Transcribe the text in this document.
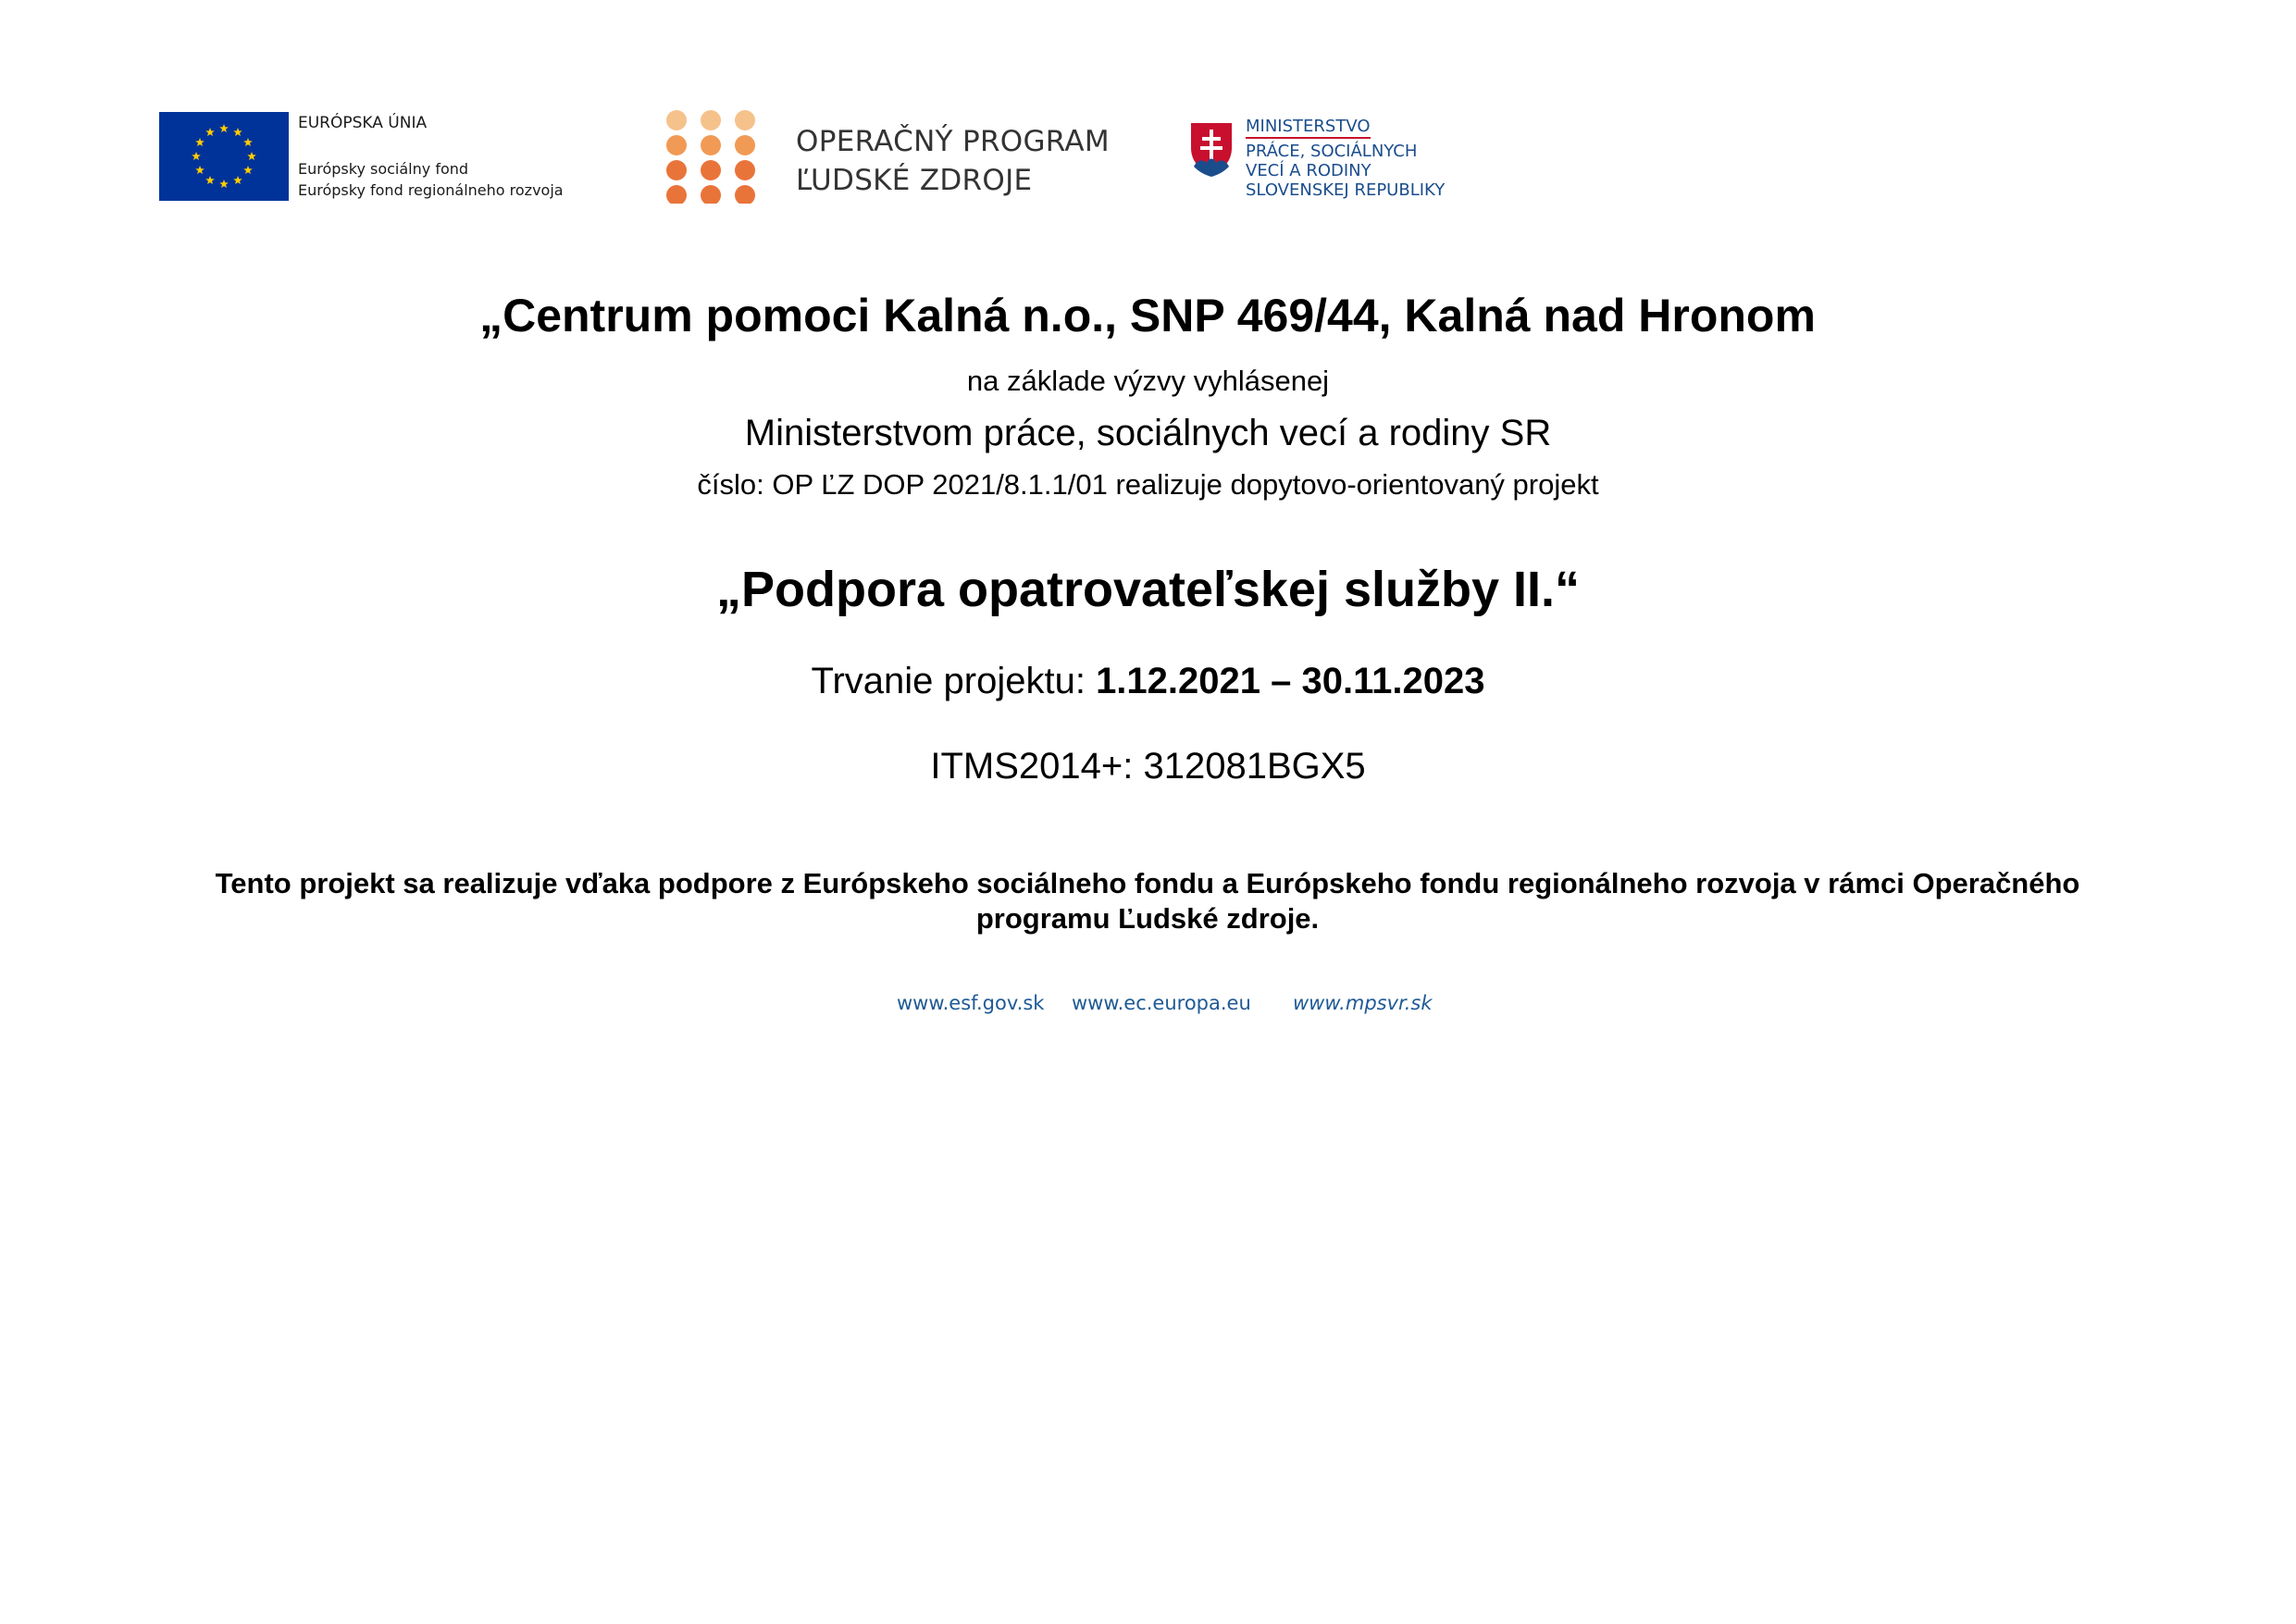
EURÓPSKA ÚNIA
Európsky sociálny fond
Európsky fond regionálneho rozvoja
OPERAČNÝ PROGRAM
ĽUDSKÉ ZDROJE
MINISTERSTVO
PRÁCE, SOCIÁLNYCH
VECÍ A RODINY
SLOVENSKEJ REPUBLIKY
„Centrum pomoci Kalná n.o., SNP 469/44, Kalná nad Hronom
na základe výzvy vyhlásenej
Ministerstvom práce, sociálnych vecí a rodiny SR
číslo: OP ĽZ DOP 2021/8.1.1/01 realizuje dopytovo-orientovaný projekt
„Podpora opatrovateľskej služby II.“
Trvanie projektu: 1.12.2021 – 30.11.2023
ITMS2014+: 312081BGX5
Tento projekt sa realizuje vďaka podpore z Európskeho sociálneho fondu a Európskeho fondu regionálneho rozvoja v rámci Operačného programu Ľudské zdroje.
www.esf.gov.sk www.ec.europa.eu www.mpsvr.sk
